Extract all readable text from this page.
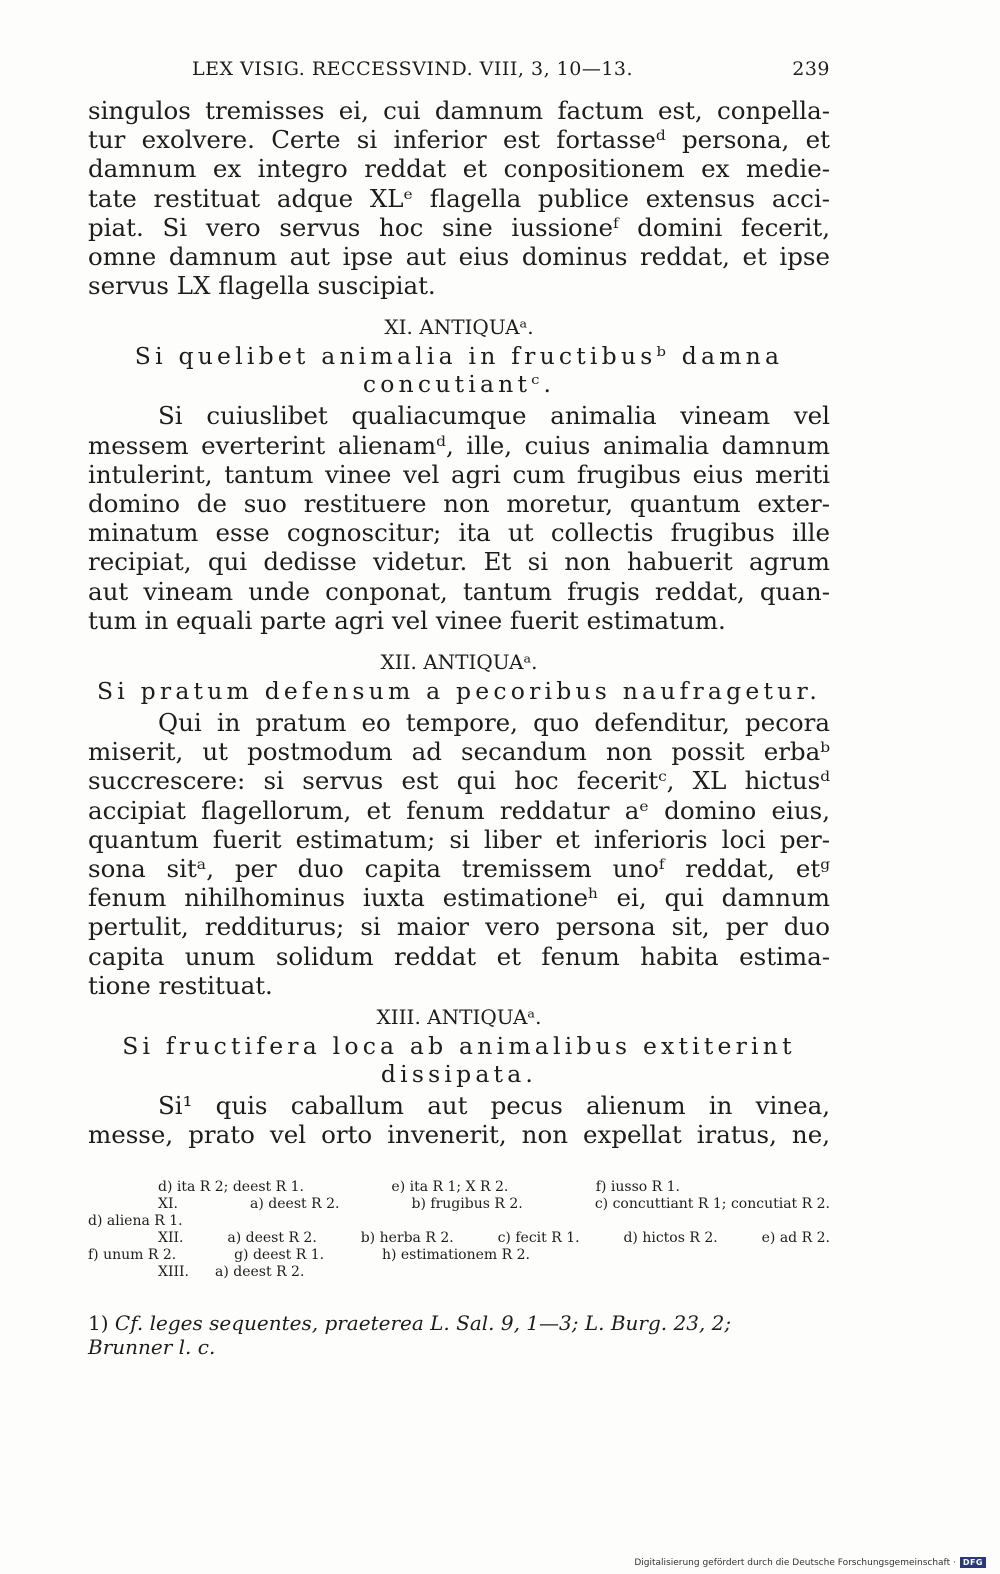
LEX VISIG. RECCESSVIND. VIII, 3, 10—13.	239
singulos tremisses ei, cui damnum factum est, conpella-
tur exolvere. Certe si inferior est fortasseᵈ persona, et
damnum ex integro reddat et conpositionem ex medie-
tate restituat adque XLᵉ flagella publice extensus acci-
piat. Si vero servus hoc sine iussioneᶠ domini fecerit,
omne damnum aut ipse aut eius dominus reddat, et ipse
servus LX flagella suscipiat.
XI. ANTIQUAᵃ.
Si quelibet animalia in fructibusᵇ damna
concutiantᶜ.
Si cuiuslibet qualiacumque animalia vineam vel
messem everterint alienamᵈ, ille, cuius animalia damnum
intulerint, tantum vinee vel agri cum frugibus eius meriti
domino de suo restituere non moretur, quantum exter-
minatum esse cognoscitur; ita ut collectis frugibus ille
recipiat, qui dedisse videtur. Et si non habuerit agrum
aut vineam unde conponat, tantum frugis reddat, quan-
tum in equali parte agri vel vinee fuerit estimatum.
XII. ANTIQUAᵃ.
Si pratum defensum a pecoribus naufragetur.
Qui in pratum eo tempore, quo defenditur, pecora
miserit, ut postmodum ad secandum non possit erbaᵇ
succrescere: si servus est qui hoc feceritᶜ, XL hictusᵈ
accipiat flagellorum, et fenum reddatur aᵉ domino eius,
quantum fuerit estimatum; si liber et inferioris loci per-
sona sitᵃ, per duo capita tremissem unoᶠ reddat, etᵍ
fenum nihilhominus iuxta estimationeʰ ei, qui damnum
pertulit, redditurus; si maior vero persona sit, per duo
capita unum solidum reddat et fenum habita estima-
tione restituat.
XIII. ANTIQUAᵃ.
Si fructifera loca ab animalibus extiterint
dissipata.
Si¹ quis caballum aut pecus alienum in vinea,
messe, prato vel orto invenerit, non expellat iratus, ne,
d) ita R 2; deest R 1.	e) ita R 1; X R 2.	f) iusso R 1.
XI.	a) deest R 2.	b) frugibus R 2.	c) concuttiant R 1; concutiat R 2.
d) aliena R 1.
XII.	a) deest R 2.	b) herba R 2.	c) fecit R 1.	d) hictos R 2.	e) ad R 2.
f) unum R 2.	g) deest R 1.	h) estimationem R 2.
XIII. a) deest R 2.
1) Cf. leges sequentes, praeterea L. Sal. 9, 1—3; L. Burg. 23, 2;
Brunner l. c.
Digitalisierung gefördert durch die Deutsche Forschungsgemeinschaft · DFG
